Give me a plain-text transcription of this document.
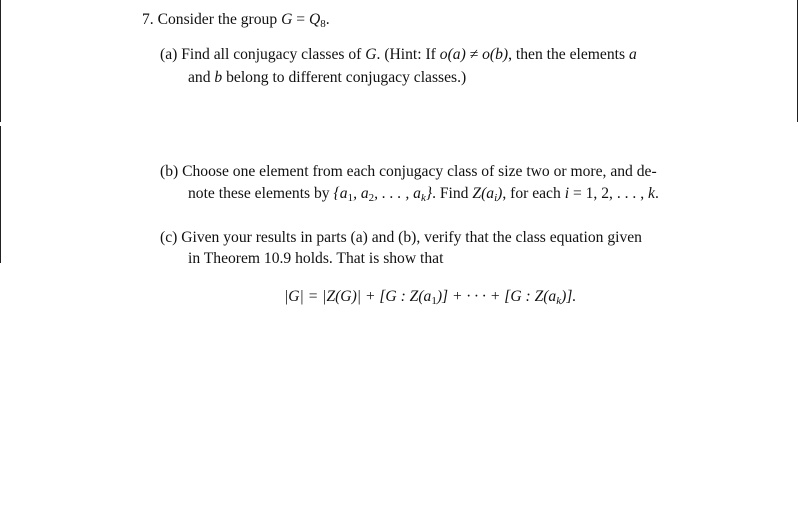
7. Consider the group G = Q8.
(a) Find all conjugacy classes of G. (Hint: If o(a) ≠ o(b), then the elements a
and b belong to different conjugacy classes.)
(b) Choose one element from each conjugacy class of size two or more, and de-
note these elements by {a1, a2, . . . , $a_k$}. Find $Z(a_i)$, for each i = 1, 2, . . . , k.
(c) Given your results in parts (a) and (b), verify that the class equation given
in Theorem 10.9 holds. That is show that
|G| = |Z(G)| + [G : Z(a1)] + · · · + [G : $Z(a_k)$].
